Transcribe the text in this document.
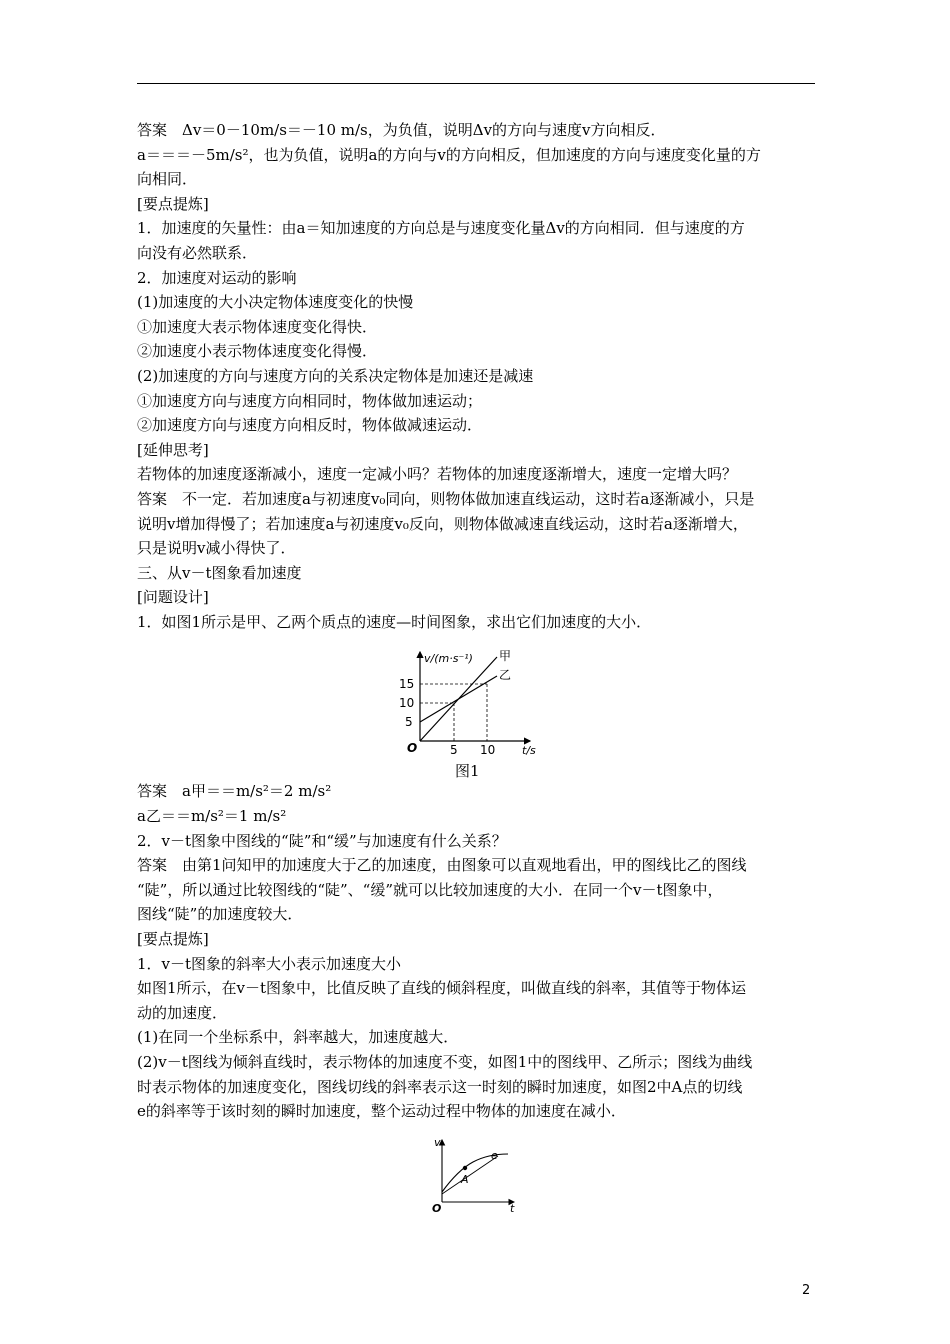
答案　Δv＝0－10m/s＝－10 m/s，为负值，说明Δv的方向与速度v方向相反．
a＝＝＝－5m/s²，也为负值，说明a的方向与v的方向相反，但加速度的方向与速度变化量的方
向相同．
[要点提炼]
1．加速度的矢量性：由a＝知加速度的方向总是与速度变化量Δv的方向相同．但与速度的方
向没有必然联系．
2．加速度对运动的影响
(1)加速度的大小决定物体速度变化的快慢
①加速度大表示物体速度变化得快．
②加速度小表示物体速度变化得慢．
(2)加速度的方向与速度方向的关系决定物体是加速还是减速
①加速度方向与速度方向相同时，物体做加速运动；
②加速度方向与速度方向相反时，物体做减速运动．
[延伸思考]
若物体的加速度逐渐减小，速度一定减小吗？若物体的加速度逐渐增大，速度一定增大吗？
答案　不一定．若加速度a与初速度v₀同向，则物体做加速直线运动，这时若a逐渐减小，只是
说明v增加得慢了；若加速度a与初速度v₀反向，则物体做减速直线运动，这时若a逐渐增大，
只是说明v减小得快了．
三、从v－t图象看加速度
[问题设计]
1．如图1所示是甲、乙两个质点的速度—时间图象，求出它们加速度的大小．
答案　a甲＝＝m/s²＝2 m/s²
a乙＝＝m/s²＝1 m/s²
2．v－t图象中图线的“陡”和“缓”与加速度有什么关系？
答案　由第1问知甲的加速度大于乙的加速度，由图象可以直观地看出，甲的图线比乙的图线
“陡”，所以通过比较图线的“陡”、“缓”就可以比较加速度的大小．在同一个v－t图象中，
图线“陡”的加速度较大．
[要点提炼]
1．v－t图象的斜率大小表示加速度大小
如图1所示，在v－t图象中，比值反映了直线的倾斜程度，叫做直线的斜率，其值等于物体运
动的加速度．
(1)在同一个坐标系中，斜率越大，加速度越大．
(2)v－t图线为倾斜直线时，表示物体的加速度不变，如图1中的图线甲、乙所示；图线为曲线
时表示物体的加速度变化，图线切线的斜率表示这一时刻的瞬时加速度，如图2中A点的切线
e的斜率等于该时刻的瞬时加速度，整个运动过程中物体的加速度在减小．
v/(m·s⁻¹) 甲
乙
15
10
5
O	5 10 t/s
图1
v
A
e
O	t
2
